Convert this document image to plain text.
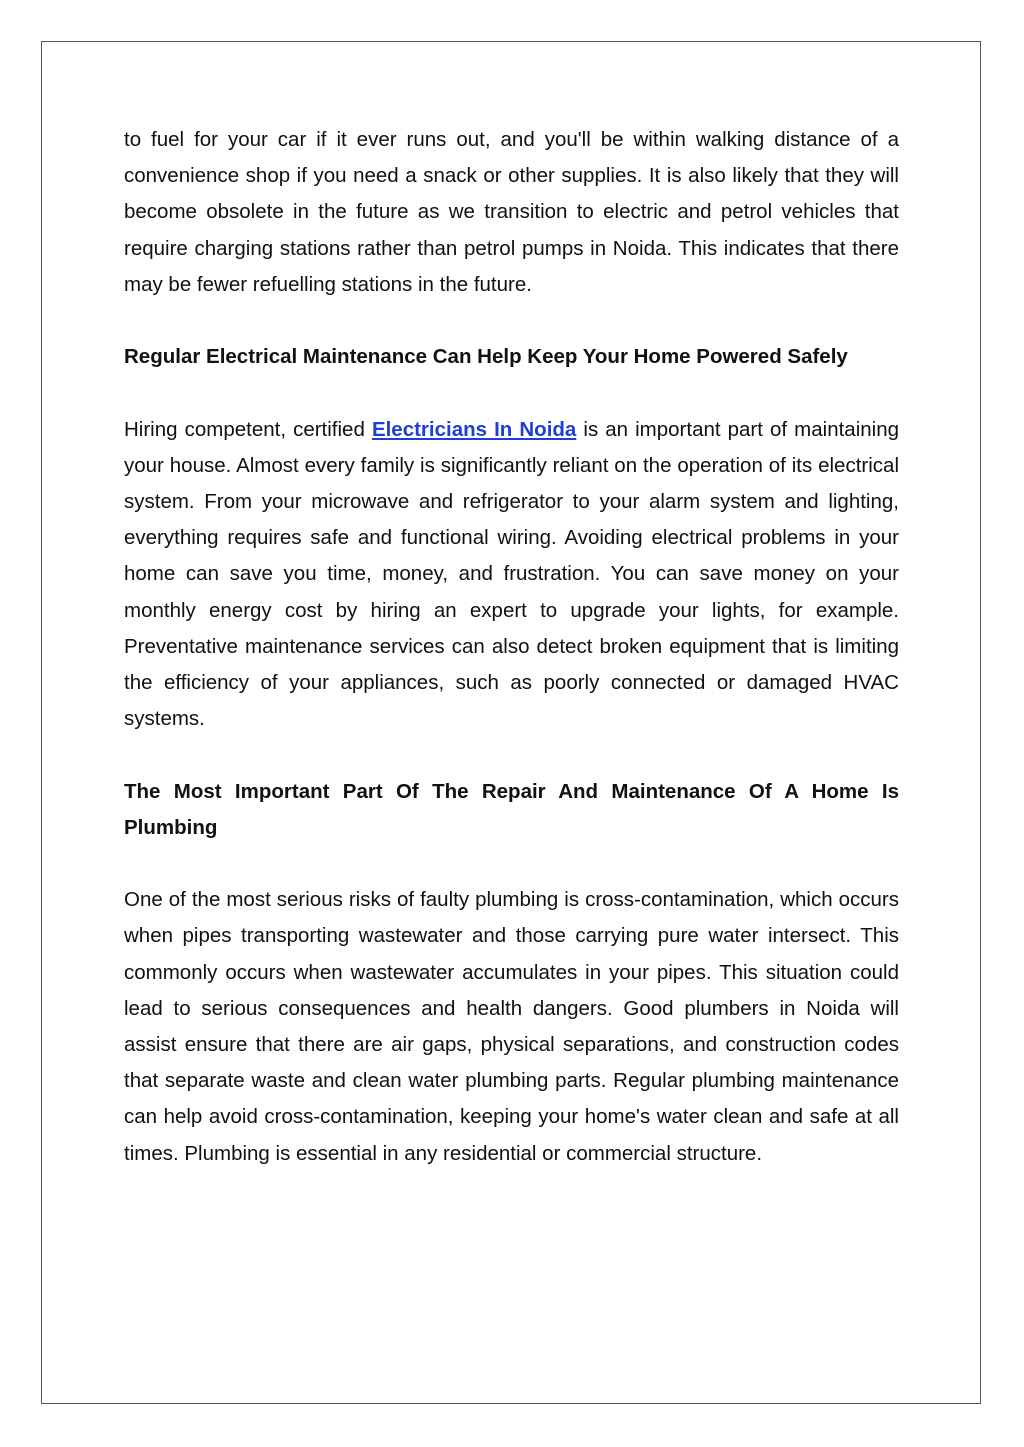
to fuel for your car if it ever runs out, and you'll be within walking distance of a convenience shop if you need a snack or other supplies. It is also likely that they will become obsolete in the future as we transition to electric and petrol vehicles that require charging stations rather than petrol pumps in Noida. This indicates that there may be fewer refuelling stations in the future.

Regular Electrical Maintenance Can Help Keep Your Home Powered Safely

Hiring competent, certified Electricians In Noida is an important part of maintaining your house. Almost every family is significantly reliant on the operation of its electrical system. From your microwave and refrigerator to your alarm system and lighting, everything requires safe and functional wiring. Avoiding electrical problems in your home can save you time, money, and frustration. You can save money on your monthly energy cost by hiring an expert to upgrade your lights, for example. Preventative maintenance services can also detect broken equipment that is limiting the efficiency of your appliances, such as poorly connected or damaged HVAC systems.

The Most Important Part Of The Repair And Maintenance Of A Home Is Plumbing

One of the most serious risks of faulty plumbing is cross-contamination, which occurs when pipes transporting wastewater and those carrying pure water intersect. This commonly occurs when wastewater accumulates in your pipes. This situation could lead to serious consequences and health dangers. Good plumbers in Noida will assist ensure that there are air gaps, physical separations, and construction codes that separate waste and clean water plumbing parts. Regular plumbing maintenance can help avoid cross-contamination, keeping your home's water clean and safe at all times. Plumbing is essential in any residential or commercial structure.
